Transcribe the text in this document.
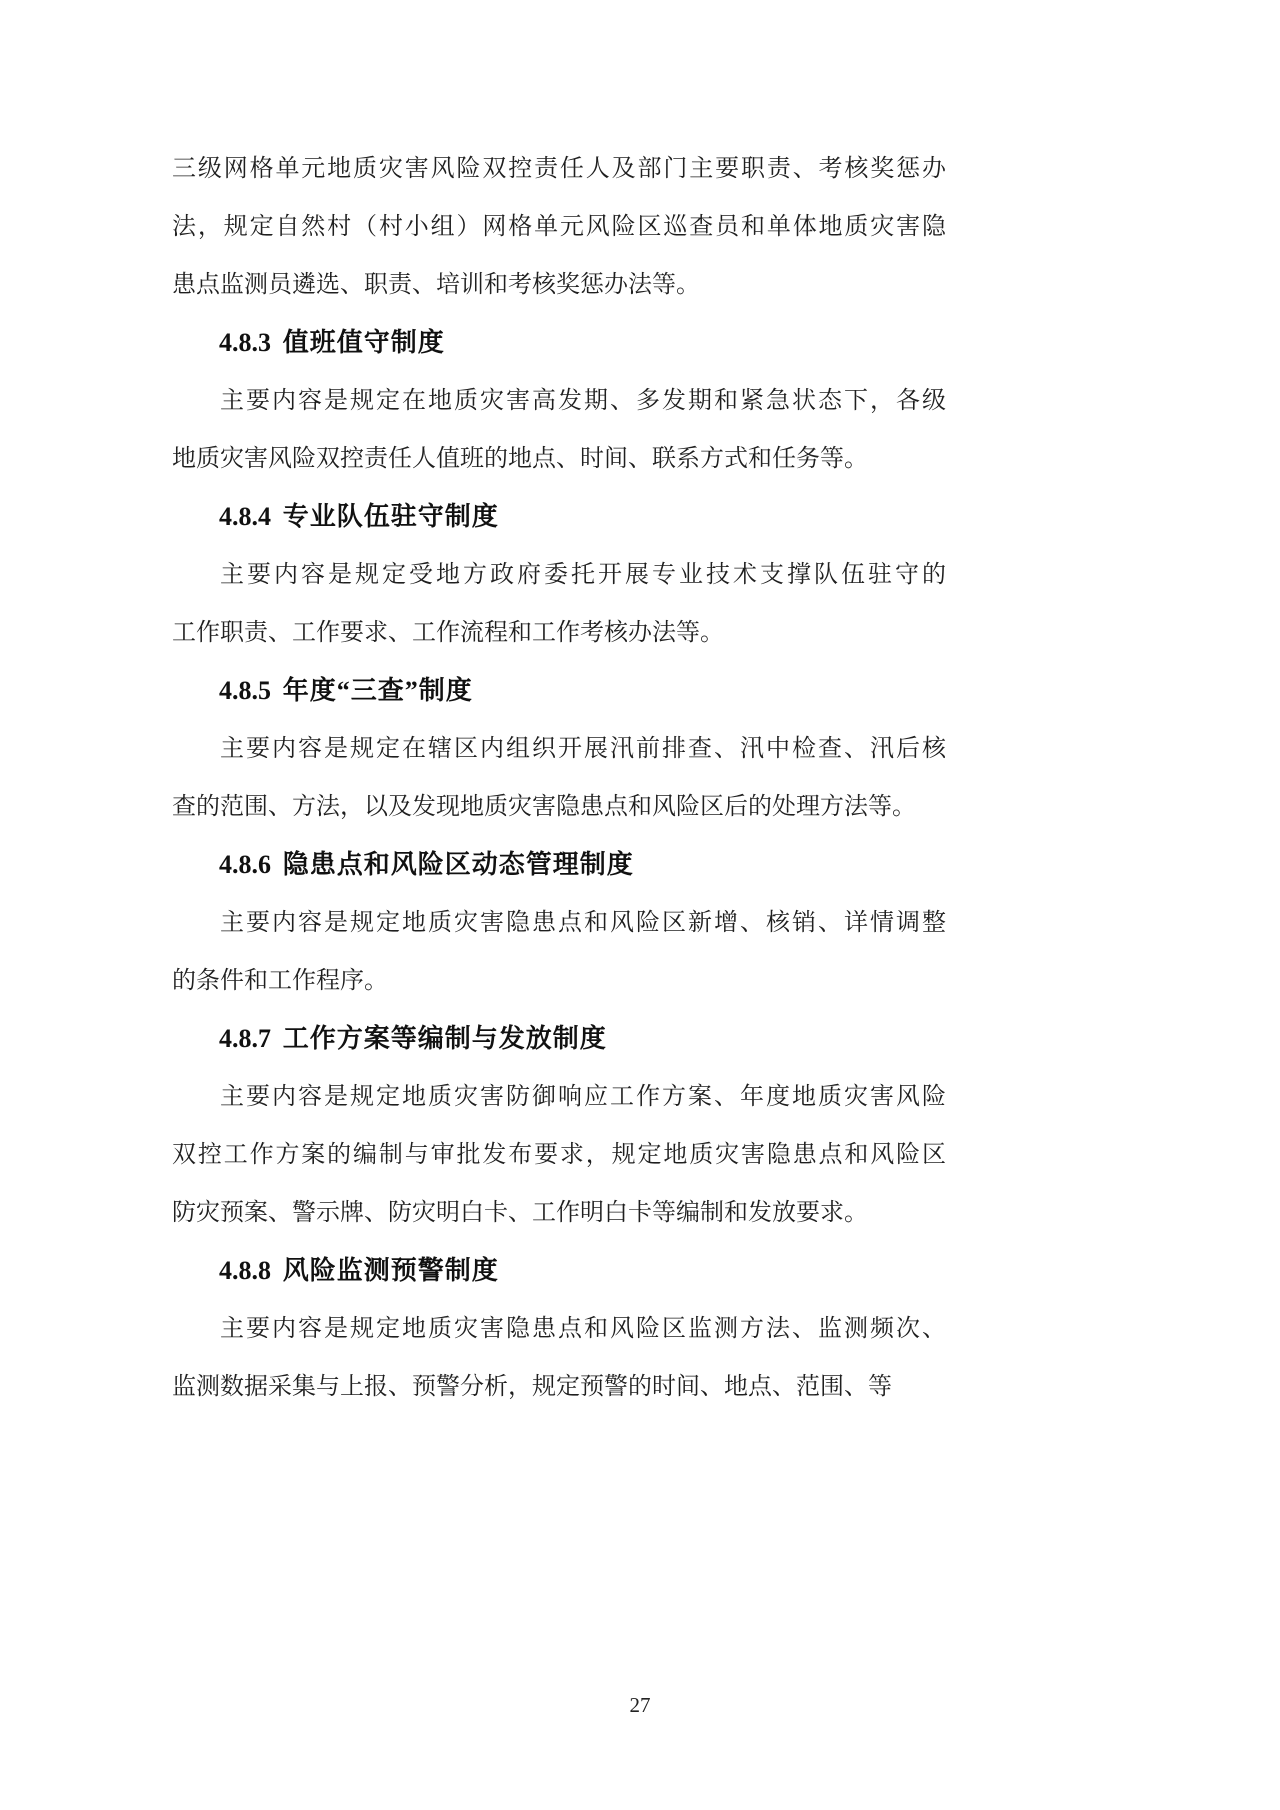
三级网格单元地质灾害风险双控责任人及部门主要职责、考核奖惩办
法，规定自然村（村小组）网格单元风险区巡查员和单体地质灾害隐
患点监测员遴选、职责、培训和考核奖惩办法等。
4.8.3 值班值守制度
主要内容是规定在地质灾害高发期、多发期和紧急状态下，各级
地质灾害风险双控责任人值班的地点、时间、联系方式和任务等。
4.8.4 专业队伍驻守制度
主要内容是规定受地方政府委托开展专业技术支撑队伍驻守的
工作职责、工作要求、工作流程和工作考核办法等。
4.8.5 年度“三查”制度
主要内容是规定在辖区内组织开展汛前排查、汛中检查、汛后核
查的范围、方法，以及发现地质灾害隐患点和风险区后的处理方法等。
4.8.6 隐患点和风险区动态管理制度
主要内容是规定地质灾害隐患点和风险区新增、核销、详情调整
的条件和工作程序。
4.8.7 工作方案等编制与发放制度
主要内容是规定地质灾害防御响应工作方案、年度地质灾害风险
双控工作方案的编制与审批发布要求，规定地质灾害隐患点和风险区
防灾预案、警示牌、防灾明白卡、工作明白卡等编制和发放要求。
4.8.8 风险监测预警制度
主要内容是规定地质灾害隐患点和风险区监测方法、监测频次、
监测数据采集与上报、预警分析，规定预警的时间、地点、范围、等
27
